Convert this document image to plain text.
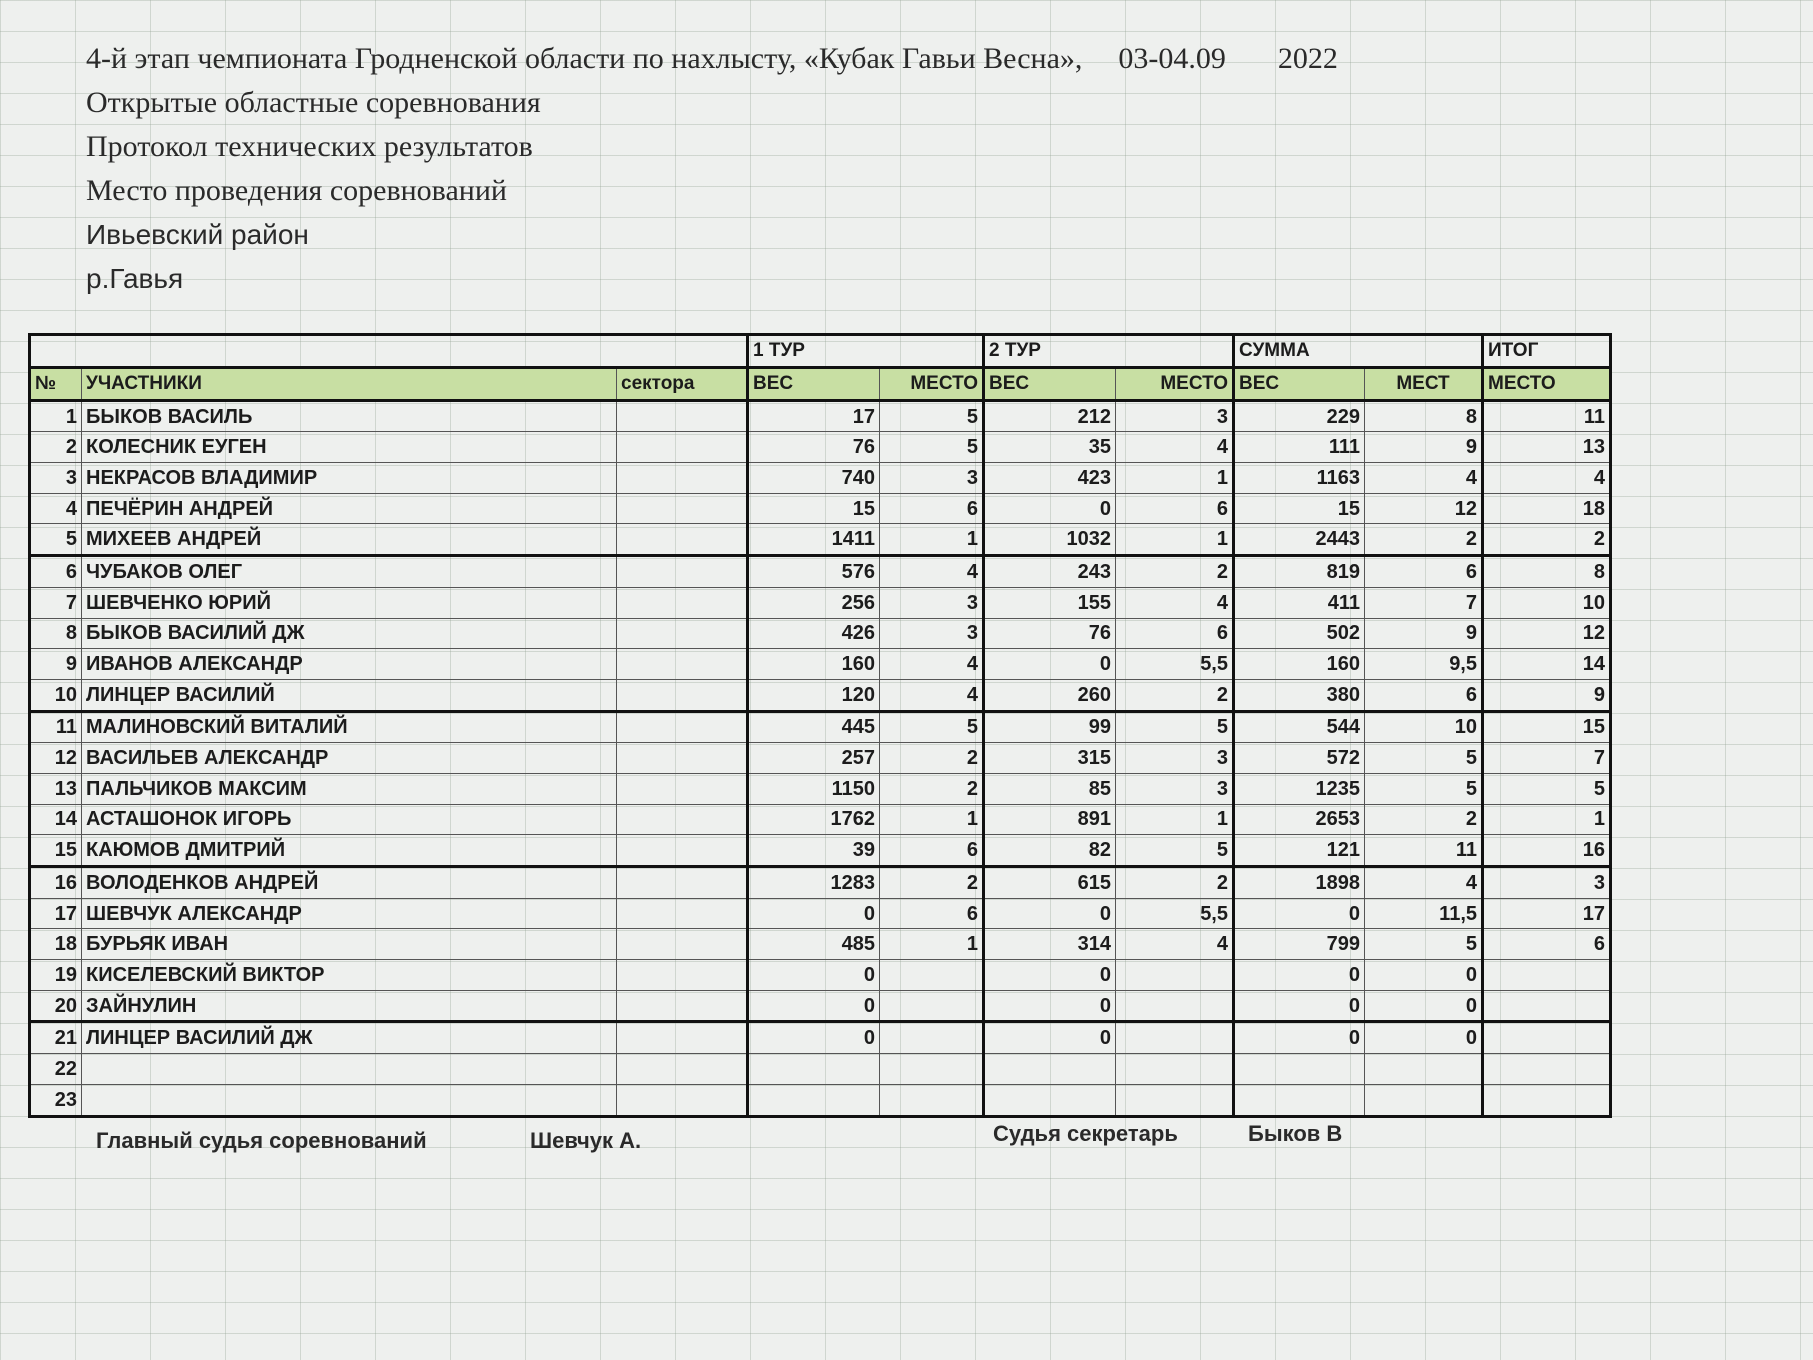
4-й этап чемпионата Гродненской области по нахлысту, «Кубак Гавьи Весна», 03-04.09 2022
Открытые областные соревнования
Протокол технических результатов
Место проведения соревнований
Ивьевский район
р.Гавья
			1 ТУР		2 ТУР		СУММА		ИТОГ
№	УЧАСТНИКИ	сектора	ВЕС	МЕСТО	ВЕС	МЕСТО	ВЕС	МЕСТ	МЕСТО
1	БЫКОВ ВАСИЛЬ		17	5	212	3	229	8	11
2	КОЛЕСНИК ЕУГЕН		76	5	35	4	111	9	13
3	НЕКРАСОВ ВЛАДИМИР		740	3	423	1	1163	4	4
4	ПЕЧЁРИН АНДРЕЙ		15	6	0	6	15	12	18
5	МИХЕЕВ АНДРЕЙ		1411	1	1032	1	2443	2	2
6	ЧУБАКОВ ОЛЕГ		576	4	243	2	819	6	8
7	ШЕВЧЕНКО ЮРИЙ		256	3	155	4	411	7	10
8	БЫКОВ ВАСИЛИЙ ДЖ		426	3	76	6	502	9	12
9	ИВАНОВ АЛЕКСАНДР		160	4	0	5,5	160	9,5	14
10	ЛИНЦЕР ВАСИЛИЙ		120	4	260	2	380	6	9
11	МАЛИНОВСКИЙ ВИТАЛИЙ		445	5	99	5	544	10	15
12	ВАСИЛЬЕВ АЛЕКСАНДР		257	2	315	3	572	5	7
13	ПАЛЬЧИКОВ МАКСИМ		1150	2	85	3	1235	5	5
14	АСТАШОНОК ИГОРЬ		1762	1	891	1	2653	2	1
15	КАЮМОВ ДМИТРИЙ		39	6	82	5	121	11	16
16	ВОЛОДЕНКОВ АНДРЕЙ		1283	2	615	2	1898	4	3
17	ШЕВЧУК АЛЕКСАНДР		0	6	0	5,5	0	11,5	17
18	БУРЬЯК ИВАН		485	1	314	4	799	5	6
19	КИСЕЛЕВСКИЙ ВИКТОР		0		0		0	0	
20	ЗАЙНУЛИН		0		0		0	0	
21	ЛИНЦЕР ВАСИЛИЙ ДЖ		0		0		0	0	
22									
23									
Главный судья соревнований	Шевчук А.	Судья секретарь	Быков В
